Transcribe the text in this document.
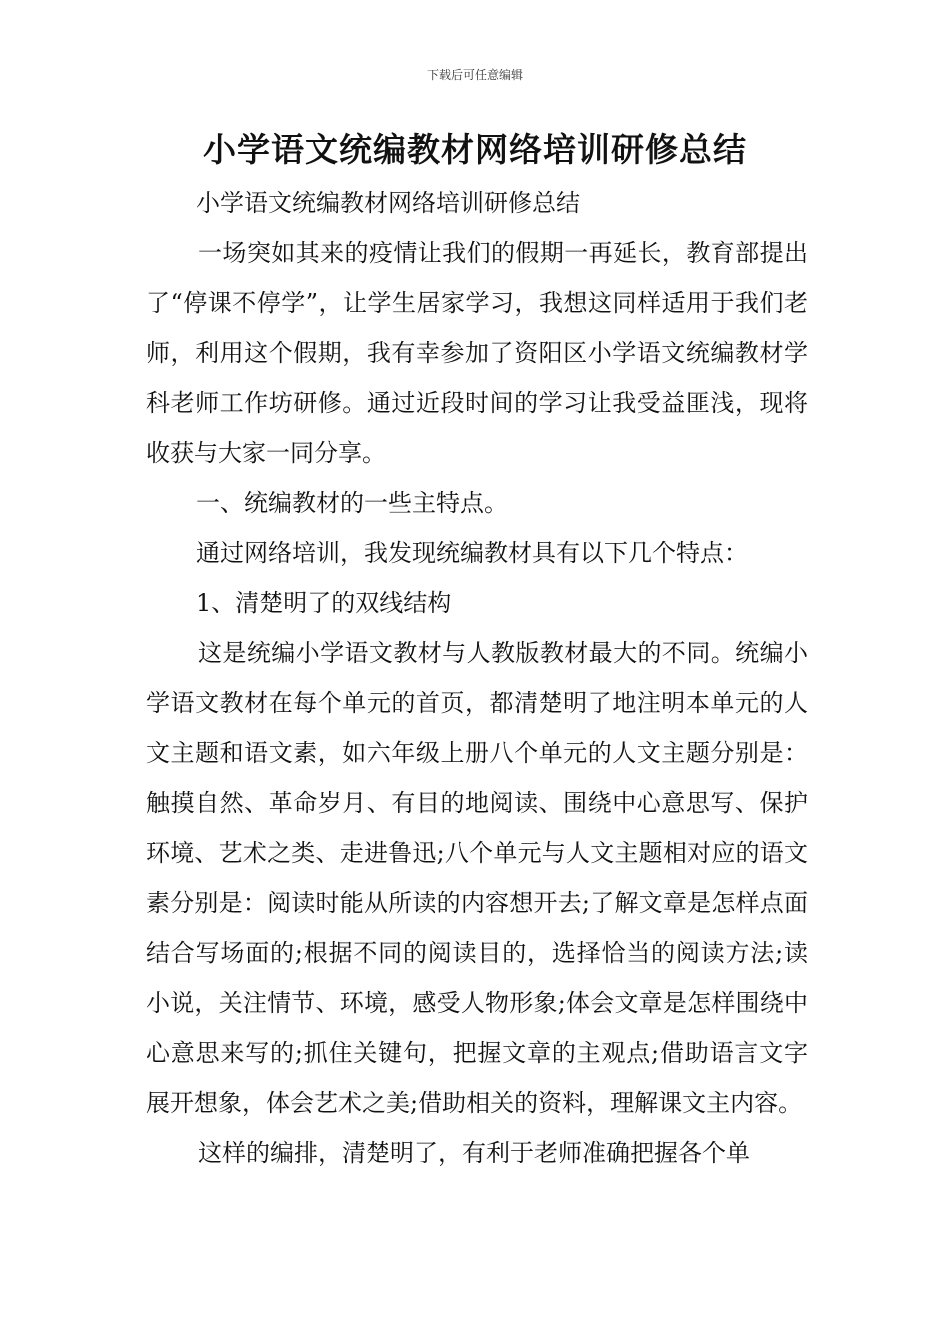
下载后可任意编辑
小学语文统编教材网络培训研修总结

小学语文统编教材网络培训研修总结

一场突如其来的疫情让我们的假期一再延长，教育部提出了“停课不停学”，让学生居家学习，我想这同样适用于我们老师，利用这个假期，我有幸参加了资阳区小学语文统编教材学科老师工作坊研修。通过近段时间的学习让我受益匪浅，现将收获与大家一同分享。

一、统编教材的一些主特点。

通过网络培训，我发现统编教材具有以下几个特点：

1、清楚明了的双线结构

这是统编小学语文教材与人教版教材最大的不同。统编小学语文教材在每个单元的首页，都清楚明了地注明本单元的人文主题和语文素，如六年级上册八个单元的人文主题分别是：触摸自然、革命岁月、有目的地阅读、围绕中心意思写、保护环境、艺术之类、走进鲁迅;八个单元与人文主题相对应的语文素分别是：阅读时能从所读的内容想开去;了解文章是怎样点面结合写场面的;根据不同的阅读目的，选择恰当的阅读方法;读小说，关注情节、环境，感受人物形象;体会文章是怎样围绕中心意思来写的;抓住关键句，把握文章的主观点;借助语言文字展开想象，体会艺术之美;借助相关的资料，理解课文主内容。

这样的编排，清楚明了，有利于老师准确把握各个单
